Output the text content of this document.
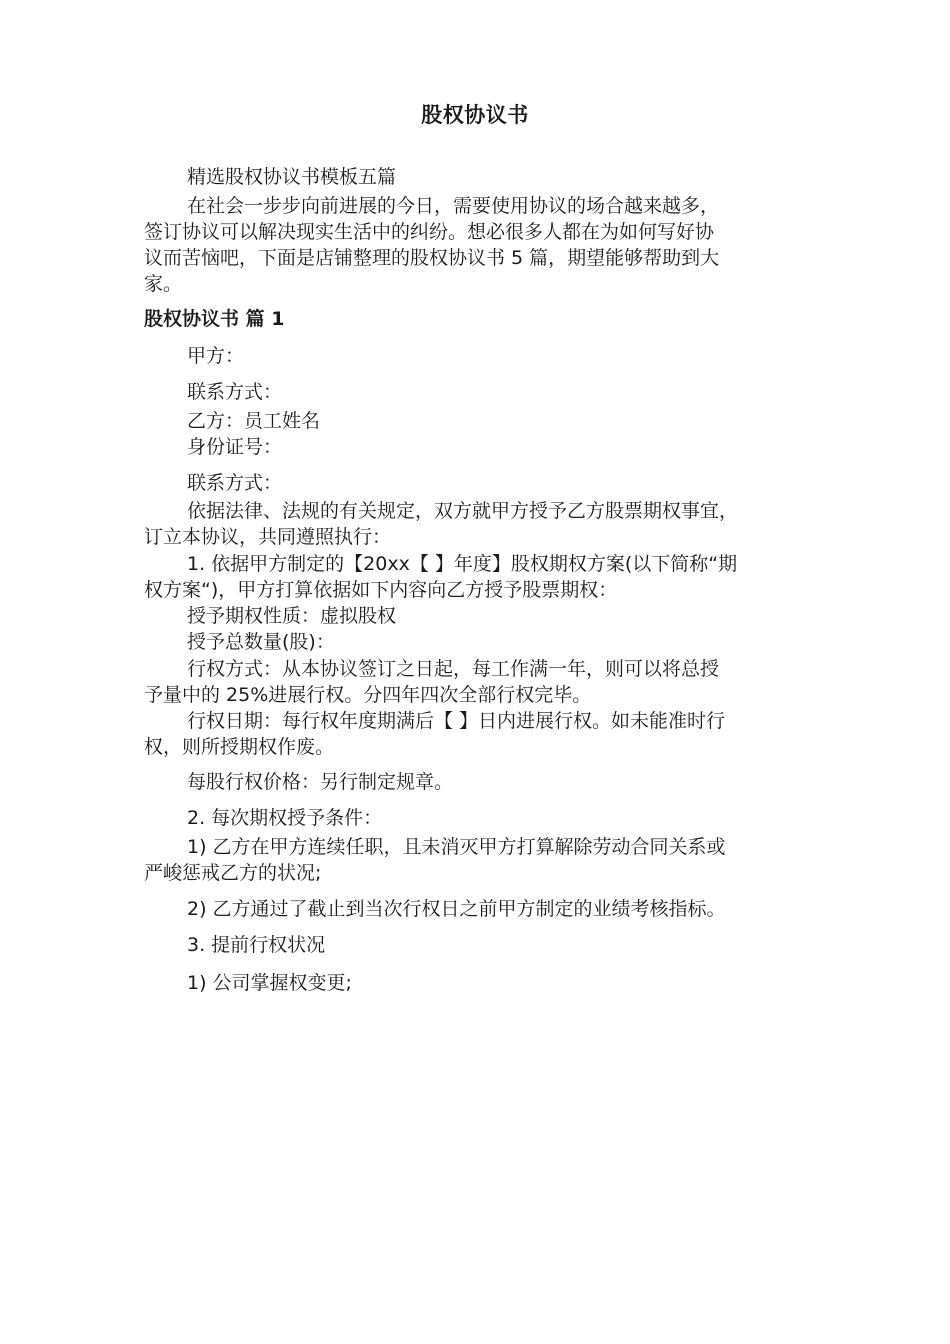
股权协议书
精选股权协议书模板五篇
在社会一步步向前进展的今日，需要使用协议的场合越来越多，
签订协议可以解决现实生活中的纠纷。想必很多人都在为如何写好协
议而苦恼吧，下面是店铺整理的股权协议书 5 篇，期望能够帮助到大
家。
股权协议书 篇 1
甲方：
联系方式：
乙方：员工姓名
身份证号：
联系方式：
依据法律、法规的有关规定，双方就甲方授予乙方股票期权事宜，
订立本协议，共同遵照执行：
1. 依据甲方制定的【20xx【 】年度】股权期权方案(以下简称“期
权方案“)，甲方打算依据如下内容向乙方授予股票期权：
授予期权性质：虚拟股权
授予总数量(股)：
行权方式：从本协议签订之日起，每工作满一年，则可以将总授
予量中的 25%进展行权。分四年四次全部行权完毕。
行权日期：每行权年度期满后【 】日内进展行权。如未能准时行
权，则所授期权作废。
每股行权价格：另行制定规章。
2. 每次期权授予条件：
1) 乙方在甲方连续任职，且未消灭甲方打算解除劳动合同关系或
严峻惩戒乙方的状况;
2) 乙方通过了截止到当次行权日之前甲方制定的业绩考核指标。
3. 提前行权状况
1) 公司掌握权变更;
